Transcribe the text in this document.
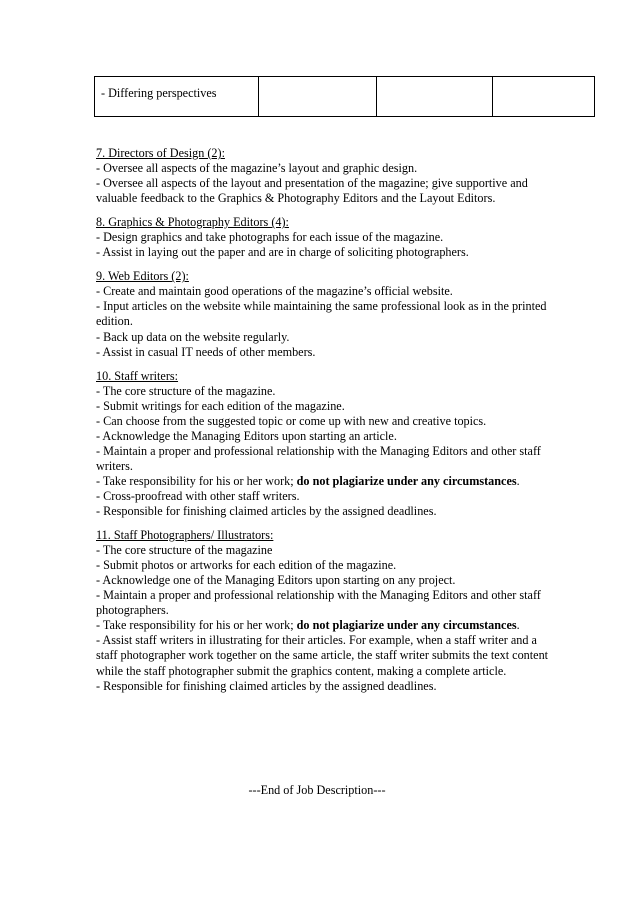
- Differing perspectives			
7. Directors of Design (2):
- Oversee all aspects of the magazine’s layout and graphic design.
- Oversee all aspects of the layout and presentation of the magazine; give supportive and valuable feedback to the Graphics & Photography Editors and the Layout Editors.
8. Graphics & Photography Editors (4):
- Design graphics and take photographs for each issue of the magazine.
- Assist in laying out the paper and are in charge of soliciting photographers.
9. Web Editors (2):
- Create and maintain good operations of the magazine’s official website.
- Input articles on the website while maintaining the same professional look as in the printed edition.
- Back up data on the website regularly.
- Assist in casual IT needs of other members.
10. Staff writers:
- The core structure of the magazine.
- Submit writings for each edition of the magazine.
- Can choose from the suggested topic or come up with new and creative topics.
- Acknowledge the Managing Editors upon starting an article.
- Maintain a proper and professional relationship with the Managing Editors and other staff writers.
- Take responsibility for his or her work; do not plagiarize under any circumstances.
- Cross-proofread with other staff writers.
- Responsible for finishing claimed articles by the assigned deadlines.
11. Staff Photographers/ Illustrators:
- The core structure of the magazine
- Submit photos or artworks for each edition of the magazine.
- Acknowledge one of the Managing Editors upon starting on any project.
- Maintain a proper and professional relationship with the Managing Editors and other staff photographers.
- Take responsibility for his or her work; do not plagiarize under any circumstances.
- Assist staff writers in illustrating for their articles. For example, when a staff writer and a staff photographer work together on the same article, the staff writer submits the text content while the staff photographer submit the graphics content, making a complete article.
- Responsible for finishing claimed articles by the assigned deadlines.
---End of Job Description---
